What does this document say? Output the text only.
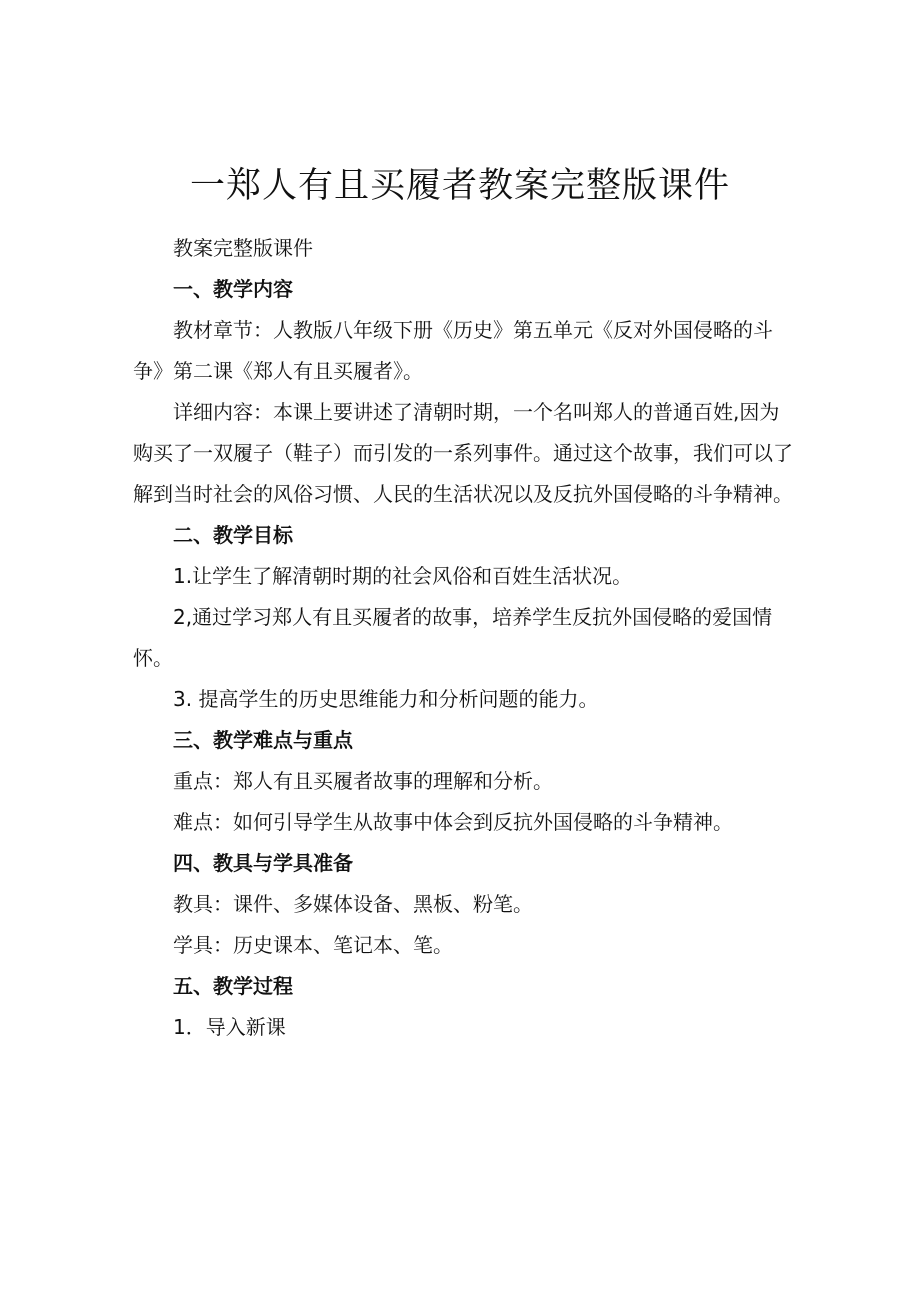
一郑人有且买履者教案完整版课件

教案完整版课件

一、教学内容

教材章节：人教版八年级下册《历史》第五单元《反对外国侵略的斗争》第二课《郑人有且买履者》。

详细内容：本课上要讲述了清朝时期，一个名叫郑人的普通百姓,因为购买了一双履子（鞋子）而引发的一系列事件。通过这个故事，我们可以了解到当时社会的风俗习惯、人民的生活状况以及反抗外国侵略的斗争精神。

二、教学目标

1.让学生了解清朝时期的社会风俗和百姓生活状况。

2,通过学习郑人有且买履者的故事，培养学生反抗外国侵略的爱国情怀。

3. 提高学生的历史思维能力和分析问题的能力。

三、教学难点与重点

重点：郑人有且买履者故事的理解和分析。

难点：如何引导学生从故事中体会到反抗外国侵略的斗争精神。

四、教具与学具准备

教具：课件、多媒体设备、黑板、粉笔。

学具：历史课本、笔记本、笔。

五、教学过程

1．导入新课
